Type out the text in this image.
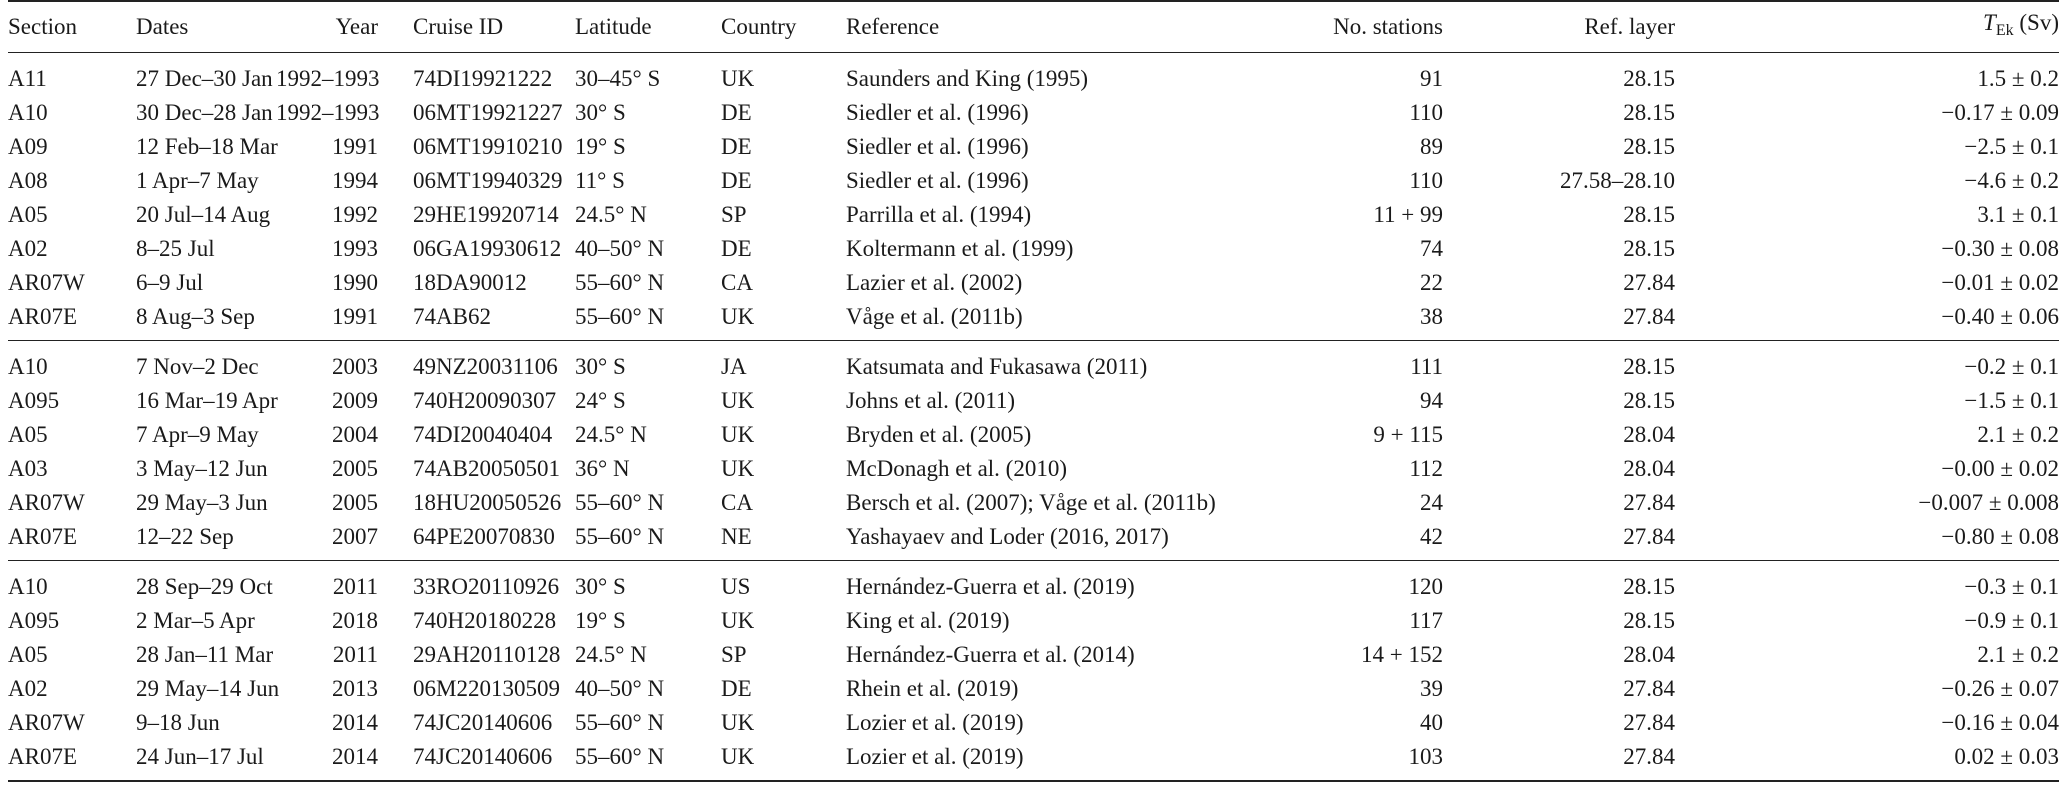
Section	Dates	Year		Cruise ID	Latitude	Country	Reference	No. stations	Ref. layer	$T_{Ek}$ (Sv)
A11	27 Dec–30 Jan	1992–1993		74DI19921222	30–45° S	UK	Saunders and King (1995)	91	28.15	1.5 ± 0.2
A10	30 Dec–28 Jan	1992–1993		06MT19921227	30° S	DE	Siedler et al. (1996)	110	28.15	−0.17 ± 0.09
A09	12 Feb–18 Mar	1991		06MT19910210	19° S	DE	Siedler et al. (1996)	89	28.15	−2.5 ± 0.1
A08	1 Apr–7 May	1994		06MT19940329	11° S	DE	Siedler et al. (1996)	110	27.58–28.10	−4.6 ± 0.2
A05	20 Jul–14 Aug	1992		29HE19920714	24.5° N	SP	Parrilla et al. (1994)	11 + 99	28.15	3.1 ± 0.1
A02	8–25 Jul	1993		06GA19930612	40–50° N	DE	Koltermann et al. (1999)	74	28.15	−0.30 ± 0.08
AR07W	6–9 Jul	1990		18DA90012	55–60° N	CA	Lazier et al. (2002)	22	27.84	−0.01 ± 0.02
AR07E	8 Aug–3 Sep	1991		74AB62	55–60° N	UK	Våge et al. (2011b)	38	27.84	−0.40 ± 0.06
A10	7 Nov–2 Dec	2003		49NZ20031106	30° S	JA	Katsumata and Fukasawa (2011)	111	28.15	−0.2 ± 0.1
A095	16 Mar–19 Apr	2009		740H20090307	24° S	UK	Johns et al. (2011)	94	28.15	−1.5 ± 0.1
A05	7 Apr–9 May	2004		74DI20040404	24.5° N	UK	Bryden et al. (2005)	9 + 115	28.04	2.1 ± 0.2
A03	3 May–12 Jun	2005		74AB20050501	36° N	UK	McDonagh et al. (2010)	112	28.04	−0.00 ± 0.02
AR07W	29 May–3 Jun	2005		18HU20050526	55–60° N	CA	Bersch et al. (2007); Våge et al. (2011b)	24	27.84	−0.007 ± 0.008
AR07E	12–22 Sep	2007		64PE20070830	55–60° N	NE	Yashayaev and Loder (2016, 2017)	42	27.84	−0.80 ± 0.08
A10	28 Sep–29 Oct	2011		33RO20110926	30° S	US	Hernández-Guerra et al. (2019)	120	28.15	−0.3 ± 0.1
A095	2 Mar–5 Apr	2018		740H20180228	19° S	UK	King et al. (2019)	117	28.15	−0.9 ± 0.1
A05	28 Jan–11 Mar	2011		29AH20110128	24.5° N	SP	Hernández-Guerra et al. (2014)	14 + 152	28.04	2.1 ± 0.2
A02	29 May–14 Jun	2013		06M220130509	40–50° N	DE	Rhein et al. (2019)	39	27.84	−0.26 ± 0.07
AR07W	9–18 Jun	2014		74JC20140606	55–60° N	UK	Lozier et al. (2019)	40	27.84	−0.16 ± 0.04
AR07E	24 Jun–17 Jul	2014		74JC20140606	55–60° N	UK	Lozier et al. (2019)	103	27.84	0.02 ± 0.03
